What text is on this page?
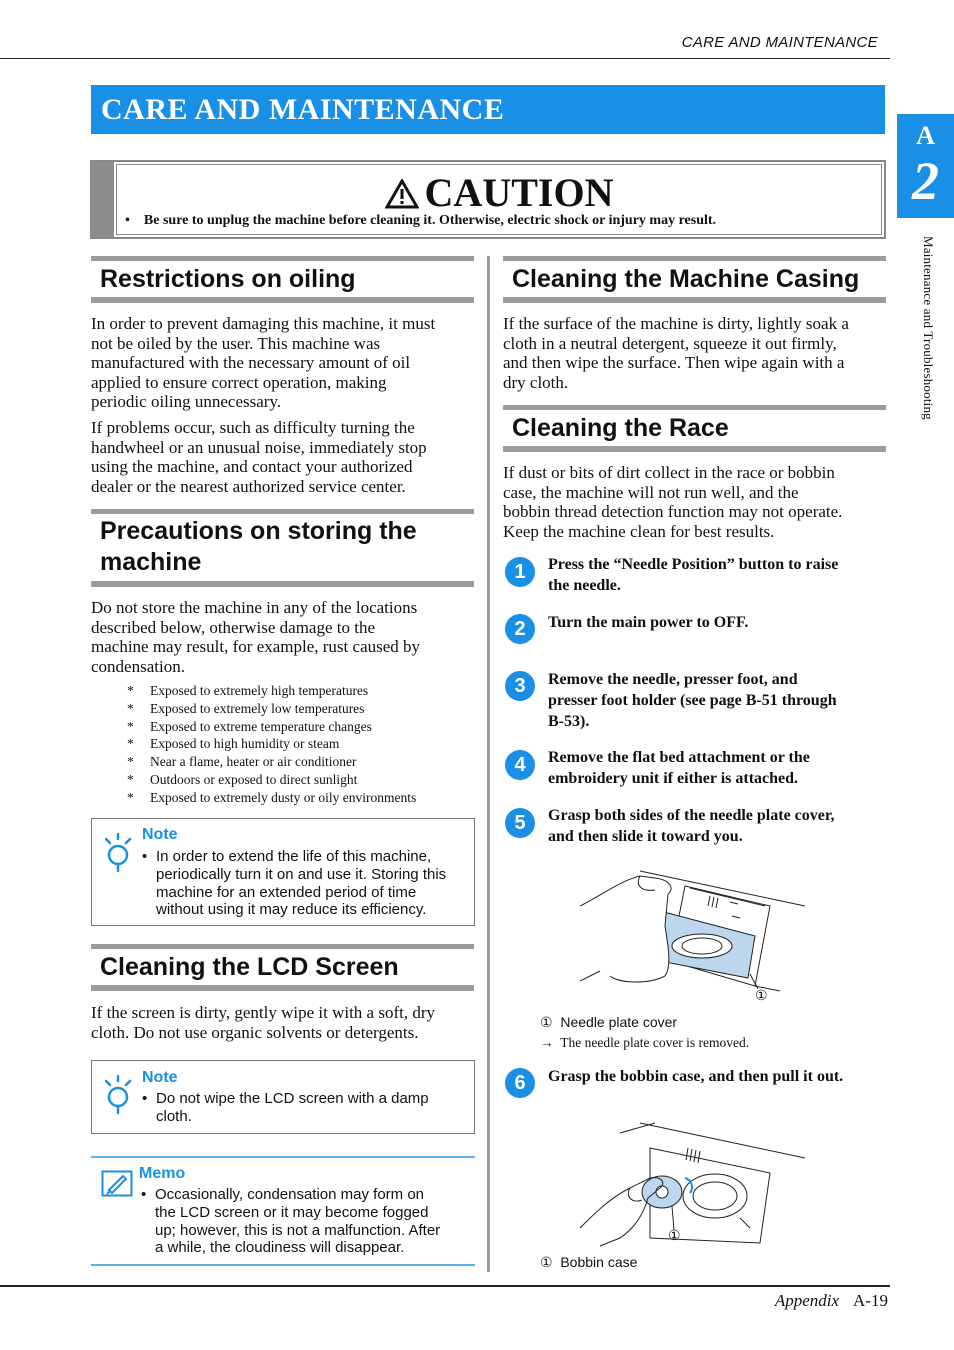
CARE AND MAINTENANCE
CARE AND MAINTENANCE
A
2
Maintenance and Troubleshooting
CAUTION
• Be sure to unplug the machine before cleaning it. Otherwise, electric shock or injury may result.
Restrictions on oiling
In order to prevent damaging this machine, it must
not be oiled by the user. This machine was
manufactured with the necessary amount of oil
applied to ensure correct operation, making
periodic oiling unnecessary.
If problems occur, such as difficulty turning the
handwheel or an unusual noise, immediately stop
using the machine, and contact your authorized
dealer or the nearest authorized service center.
Precautions on storing the
machine
Do not store the machine in any of the locations
described below, otherwise damage to the
machine may result, for example, rust caused by
condensation.
* Exposed to extremely high temperatures
* Exposed to extremely low temperatures
* Exposed to extreme temperature changes
* Exposed to high humidity or steam
* Near a flame, heater or air conditioner
* Outdoors or exposed to direct sunlight
* Exposed to extremely dusty or oily environments
Note
• In order to extend the life of this machine,
periodically turn it on and use it. Storing this
machine for an extended period of time
without using it may reduce its efficiency.
Cleaning the LCD Screen
If the screen is dirty, gently wipe it with a soft, dry
cloth. Do not use organic solvents or detergents.
Note
• Do not wipe the LCD screen with a damp
cloth.
Memo
• Occasionally, condensation may form on
the LCD screen or it may become fogged
up; however, this is not a malfunction. After
a while, the cloudiness will disappear.
Cleaning the Machine Casing
If the surface of the machine is dirty, lightly soak a
cloth in a neutral detergent, squeeze it out firmly,
and then wipe the surface. Then wipe again with a
dry cloth.
Cleaning the Race
If dust or bits of dirt collect in the race or bobbin
case, the machine will not run well, and the
bobbin thread detection function may not operate.
Keep the machine clean for best results.
1	Press the “Needle Position” button to raise
the needle.
2	Turn the main power to OFF.
3	Remove the needle, presser foot, and
presser foot holder (see page B-51 through
B-53).
4	Remove the flat bed attachment or the
embroidery unit if either is attached.
5	Grasp both sides of the needle plate cover,
and then slide it toward you.
①
① Needle plate cover
→ The needle plate cover is removed.
6	Grasp the bobbin case, and then pull it out.
①
① Bobbin case
Appendix A-19
